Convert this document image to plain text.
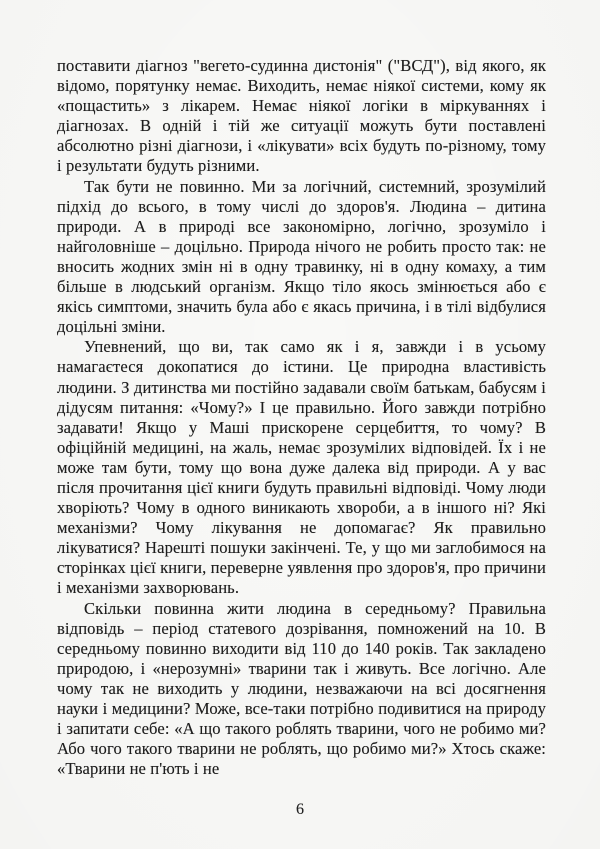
поставити діагноз "вегето-судинна дистонія" ("ВСД"), від якого, як відомо, порятунку немає. Виходить, немає ніякої системи, кому як «пощастить» з лікарем. Немає ніякої логіки в міркуваннях і діагнозах. В одній і тій же ситуації можуть бути поставлені абсолютно різні діагнози, і «лікувати» всіх будуть по-різному, тому і результати будуть різними.

Так бути не повинно. Ми за логічний, системний, зрозумілий підхід до всього, в тому числі до здоров'я. Людина – дитина природи. А в природі все закономірно, логічно, зрозуміло і найголовніше – доцільно. Природа нічого не робить просто так: не вносить жодних змін ні в одну травинку, ні в одну комаху, а тим більше в людський організм. Якщо тіло якось змінюється або є якісь симптоми, значить була або є якась причина, і в тілі відбулися доцільні зміни.

Упевнений, що ви, так само як і я, завжди і в усьому намагаєтеся докопатися до істини. Це природна властивість людини. З дитинства ми постійно задавали своїм батькам, бабусям і дідусям питання: «Чому?» І це правильно. Його завжди потрібно задавати! Якщо у Маші прискорене серцебиття, то чому? В офіційній медицині, на жаль, немає зрозумілих відповідей. Їх і не може там бути, тому що вона дуже далека від природи. А у вас після прочитання цієї книги будуть правильні відповіді. Чому люди хворіють? Чому в одного виникають хвороби, а в іншого ні? Які механізми? Чому лікування не допомагає? Як правильно лікуватися? Нарешті пошуки закінчені. Те, у що ми заглобимося на сторінках цієї книги, переверне уявлення про здоров'я, про причини і механізми захворювань.

Скільки повинна жити людина в середньому? Правильна відповідь – період статевого дозрівання, помножений на 10. В середньому повинно виходити від 110 до 140 років. Так закладено природою, і «нерозумні» тварини так і живуть. Все логічно. Але чому так не виходить у людини, незважаючи на всі досягнення науки і медицини? Може, все-таки потрібно подивитися на природу і запитати себе: «А що такого роблять тварини, чого не робимо ми? Або чого такого тварини не роблять, що робимо ми?» Хтось скаже: «Тварини не п'ють і не

6
